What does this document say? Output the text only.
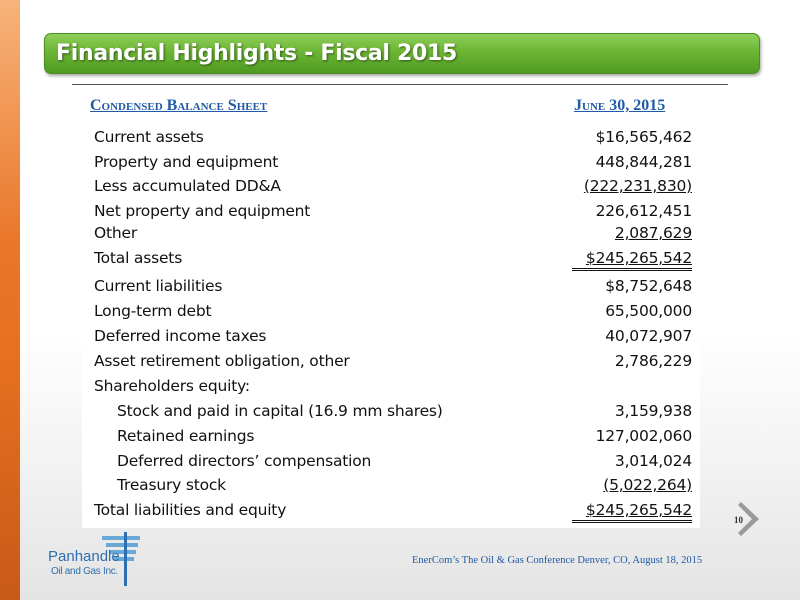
Financial Highlights - Fiscal 2015
Condensed Balance Sheet	June 30, 2015
Current assets	$16,565,462
Property and equipment	448,844,281
Less accumulated DD&A	(222,231,830)
Net property and equipment	226,612,451
Other	2,087,629
Total assets	$245,265,542
Current liabilities	$8,752,648
Long-term debt	65,500,000
Deferred income taxes	40,072,907
Asset retirement obligation, other	2,786,229
Shareholders equity:
Stock and paid in capital (16.9 mm shares)	3,159,938
Retained earnings	127,002,060
Deferred directors’ compensation	3,014,024
Treasury stock	(5,022,264)
Total liabilities and equity	$245,265,542
10
EnerCom’s The Oil & Gas Conference Denver, CO, August 18, 2015
Panhandle
Oil and Gas Inc.
